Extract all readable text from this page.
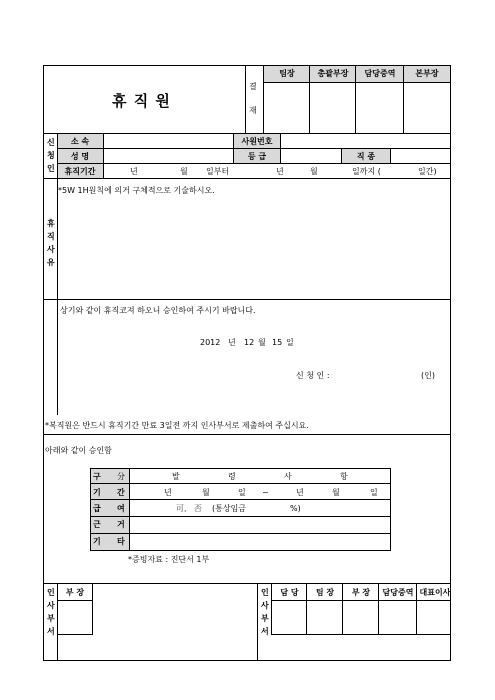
휴 직 원
결
재
팀장	총괄부장	담당중역	본부장
신
청
인
소 속	사원번호
성 명	등 급	직 종
휴직기간	년	월 일부터	년	월	일까지 (	일간)
휴
직
사
유
*5W 1H원칙에 의거 구체적으로 기술하시오.
상기와 같이 휴직코져 하오니 승인하여 주시기 바랍니다.
2012 년 12 월 15 일
신 청 인 :	(인)
*복직원은 반드시 휴직기간 만료 3일전 까지 인사부서로 제출하여 주십시요.
아래와 같이 승인함
구 分	발	령	사	항
기 간	년	월	일 ~	년	월	일
급 여	可, 否 (통상임금	%)
근 거
기 타
*증빙자료 : 진단서 1부
인
사
부
서
부 장	인
사
부
서
담 당	팀 장	부 장	담당중역 대표이사
